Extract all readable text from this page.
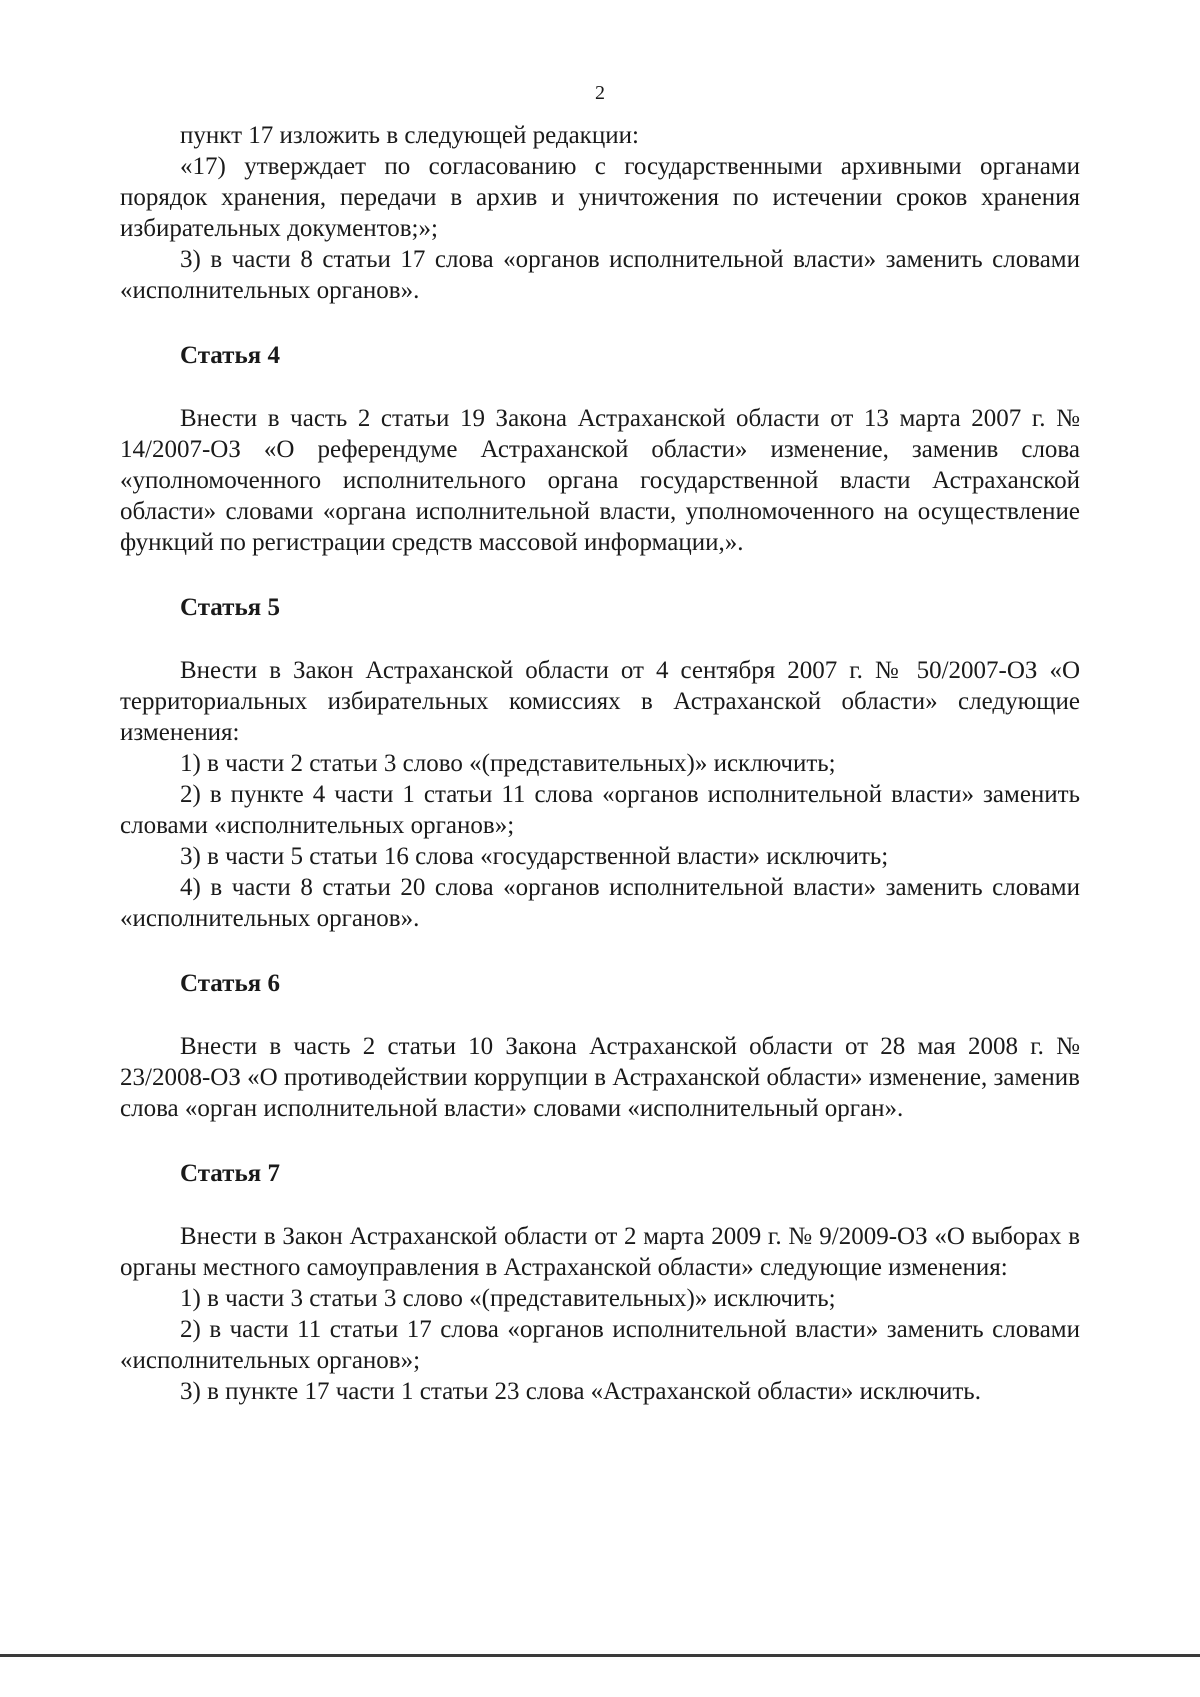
2

пункт 17 изложить в следующей редакции:

«17) утверждает по согласованию с государственными архивными органами порядок хранения, передачи в архив и уничтожения по истечении сроков хранения избирательных документов;»;

3) в части 8 статьи 17 слова «органов исполнительной власти» заменить словами «исполнительных органов».

Статья 4

Внести в часть 2 статьи 19 Закона Астраханской области от 13 марта 2007 г. № 14/2007-ОЗ «О референдуме Астраханской области» изменение, заменив слова «уполномоченного исполнительного органа государственной власти Астраханской области» словами «органа исполнительной власти, уполномоченного на осуществление функций по регистрации средств массовой информации,».

Статья 5

Внести в Закон Астраханской области от 4 сентября 2007 г. № 50/2007-ОЗ «О территориальных избирательных комиссиях в Астраханской области» следующие изменения:

1) в части 2 статьи 3 слово «(представительных)» исключить;

2) в пункте 4 части 1 статьи 11 слова «органов исполнительной власти» заменить словами «исполнительных органов»;

3) в части 5 статьи 16 слова «государственной власти» исключить;

4) в части 8 статьи 20 слова «органов исполнительной власти» заменить словами «исполнительных органов».

Статья 6

Внести в часть 2 статьи 10 Закона Астраханской области от 28 мая 2008 г. № 23/2008-ОЗ «О противодействии коррупции в Астраханской области» изменение, заменив слова «орган исполнительной власти» словами «исполнительный орган».

Статья 7

Внести в Закон Астраханской области от 2 марта 2009 г. № 9/2009-ОЗ «О выборах в органы местного самоуправления в Астраханской области» следующие изменения:

1) в части 3 статьи 3 слово «(представительных)» исключить;

2) в части 11 статьи 17 слова «органов исполнительной власти» заменить словами «исполнительных органов»;

3) в пункте 17 части 1 статьи 23 слова «Астраханской области» исключить.
